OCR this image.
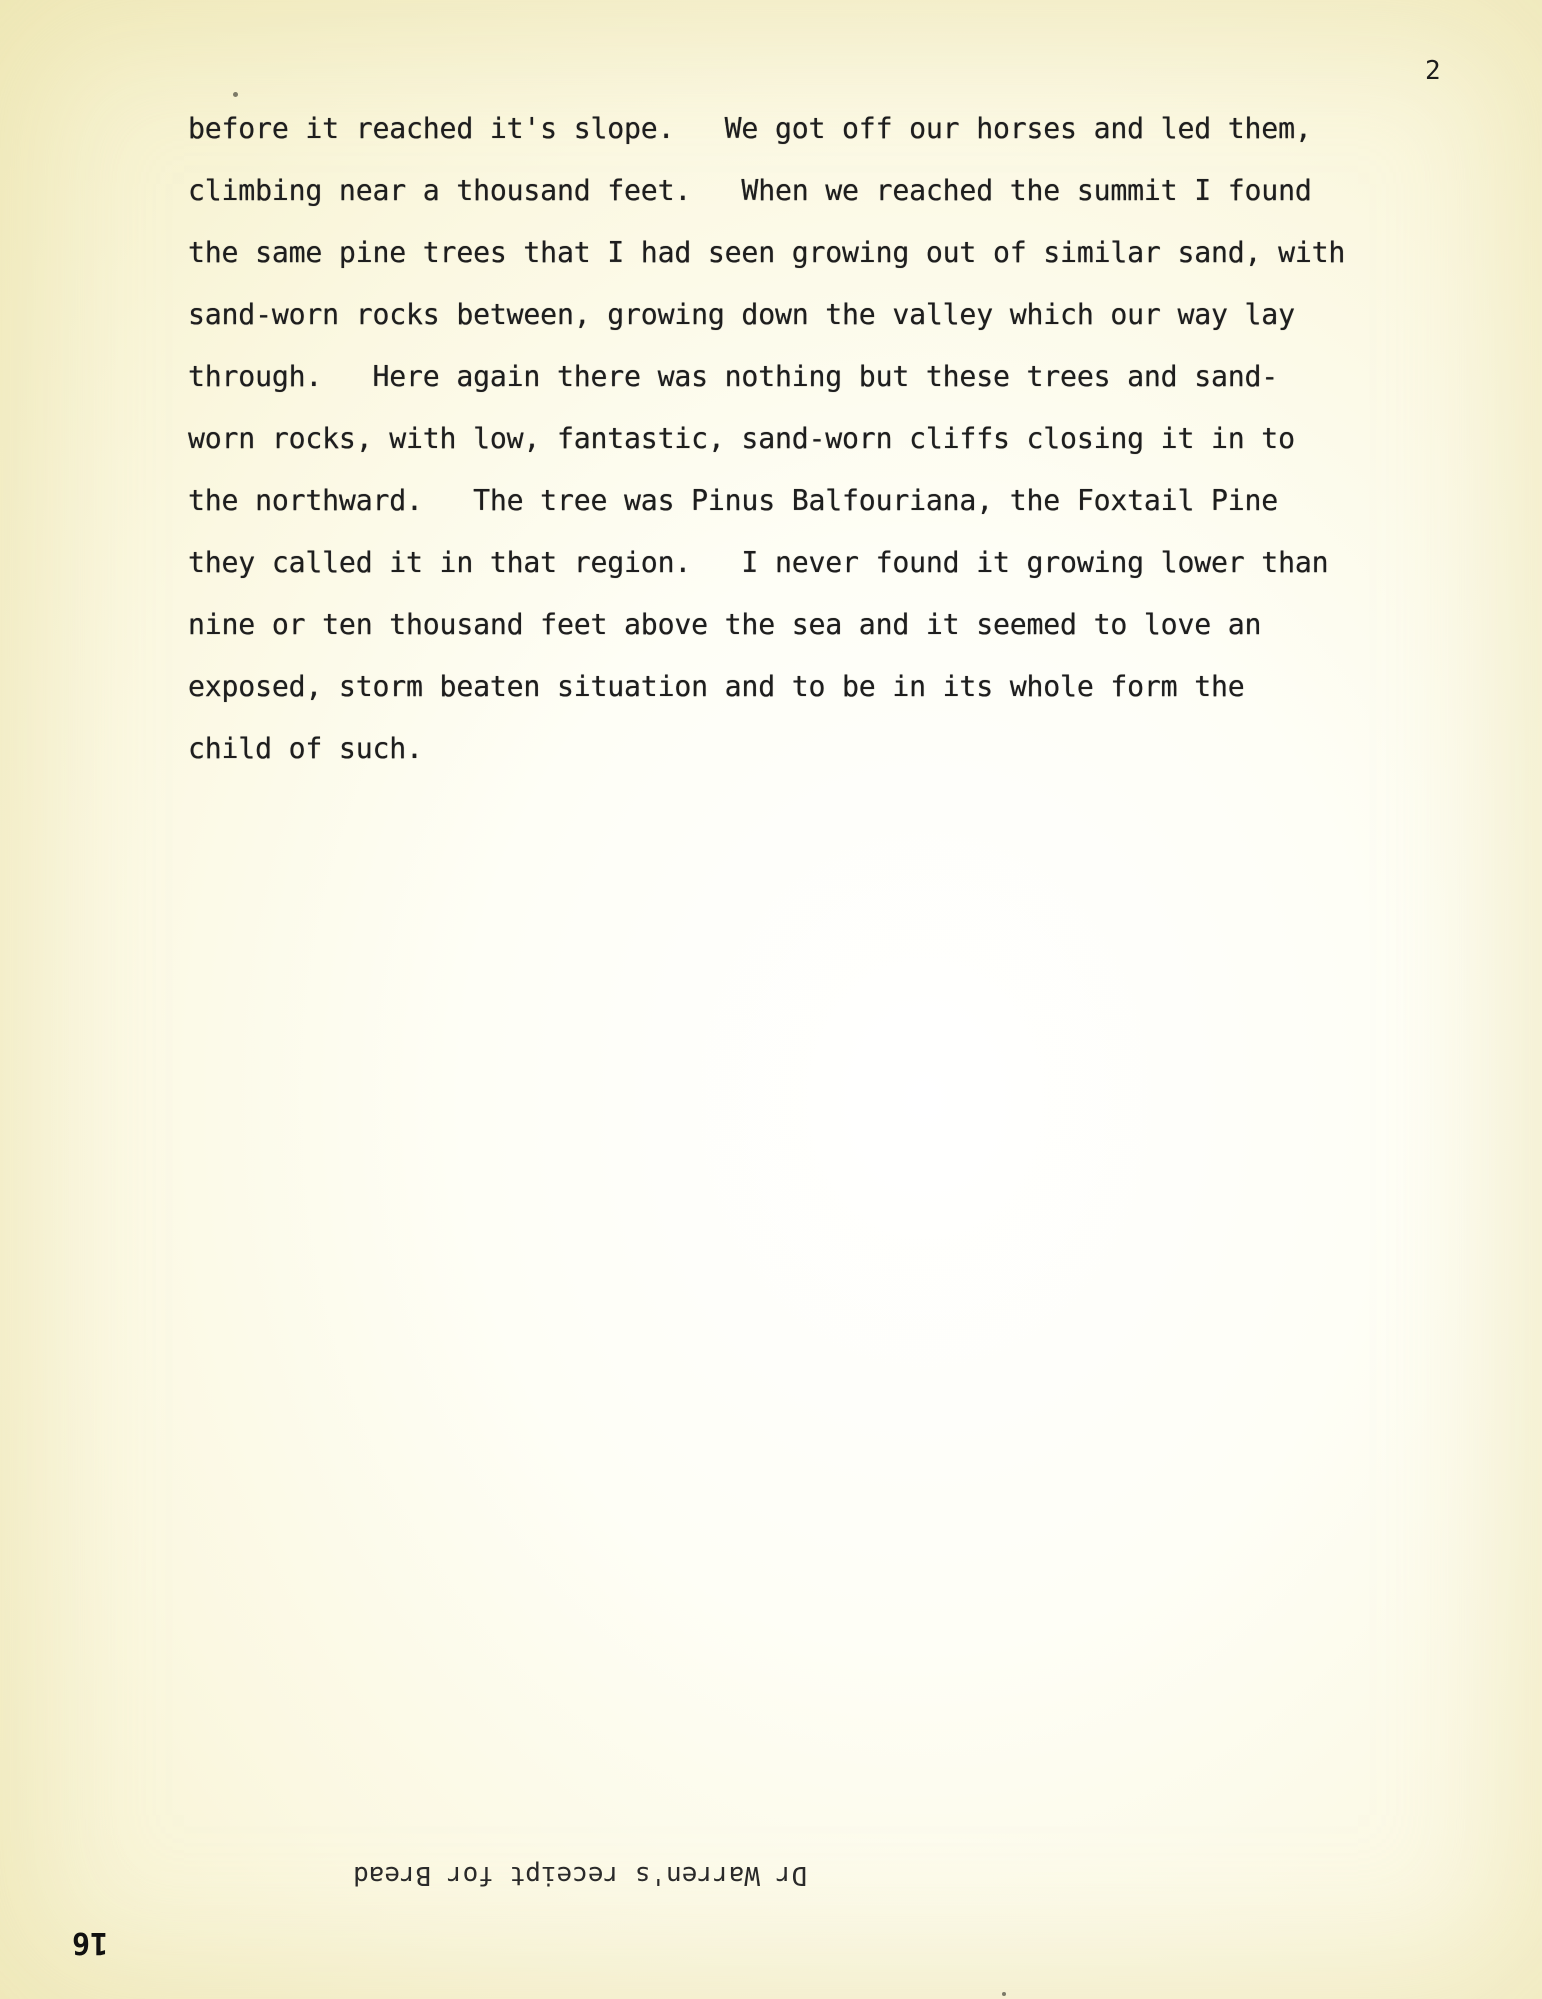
2
before it reached it's slope.   We got off our horses and led them,
climbing near a thousand feet.   When we reached the summit I found
the same pine trees that I had seen growing out of similar sand, with
sand-worn rocks between, growing down the valley which our way lay
through.   Here again there was nothing but these trees and sand-
worn rocks, with low, fantastic, sand-worn cliffs closing it in to
the northward.   The tree was Pinus Balfouriana, the Foxtail Pine
they called it in that region.   I never found it growing lower than
nine or ten thousand feet above the sea and it seemed to love an
exposed, storm beaten situation and to be in its whole form the
child of such.
Dr Warren's receipt for Bread
16
